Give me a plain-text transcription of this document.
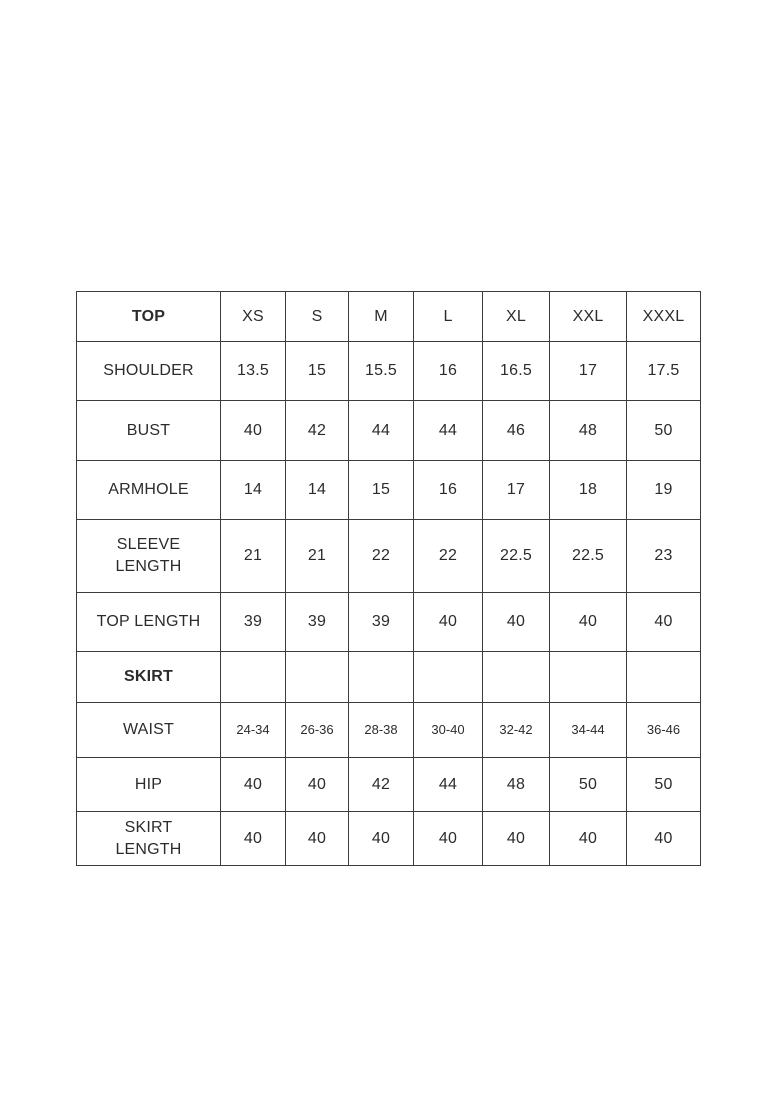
TOP	XS	S	M	L	XL	XXL	XXXL
SHOULDER	13.5	15	15.5	16	16.5	17	17.5
BUST	40	42	44	44	46	48	50
ARMHOLE	14	14	15	16	17	18	19
SLEEVE LENGTH	21	21	22	22	22.5	22.5	23
TOP LENGTH	39	39	39	40	40	40	40
SKIRT							
WAIST	24-34	26-36	28-38	30-40	32-42	34-44	36-46
HIP	40	40	42	44	48	50	50
SKIRT LENGTH	40	40	40	40	40	40	40
